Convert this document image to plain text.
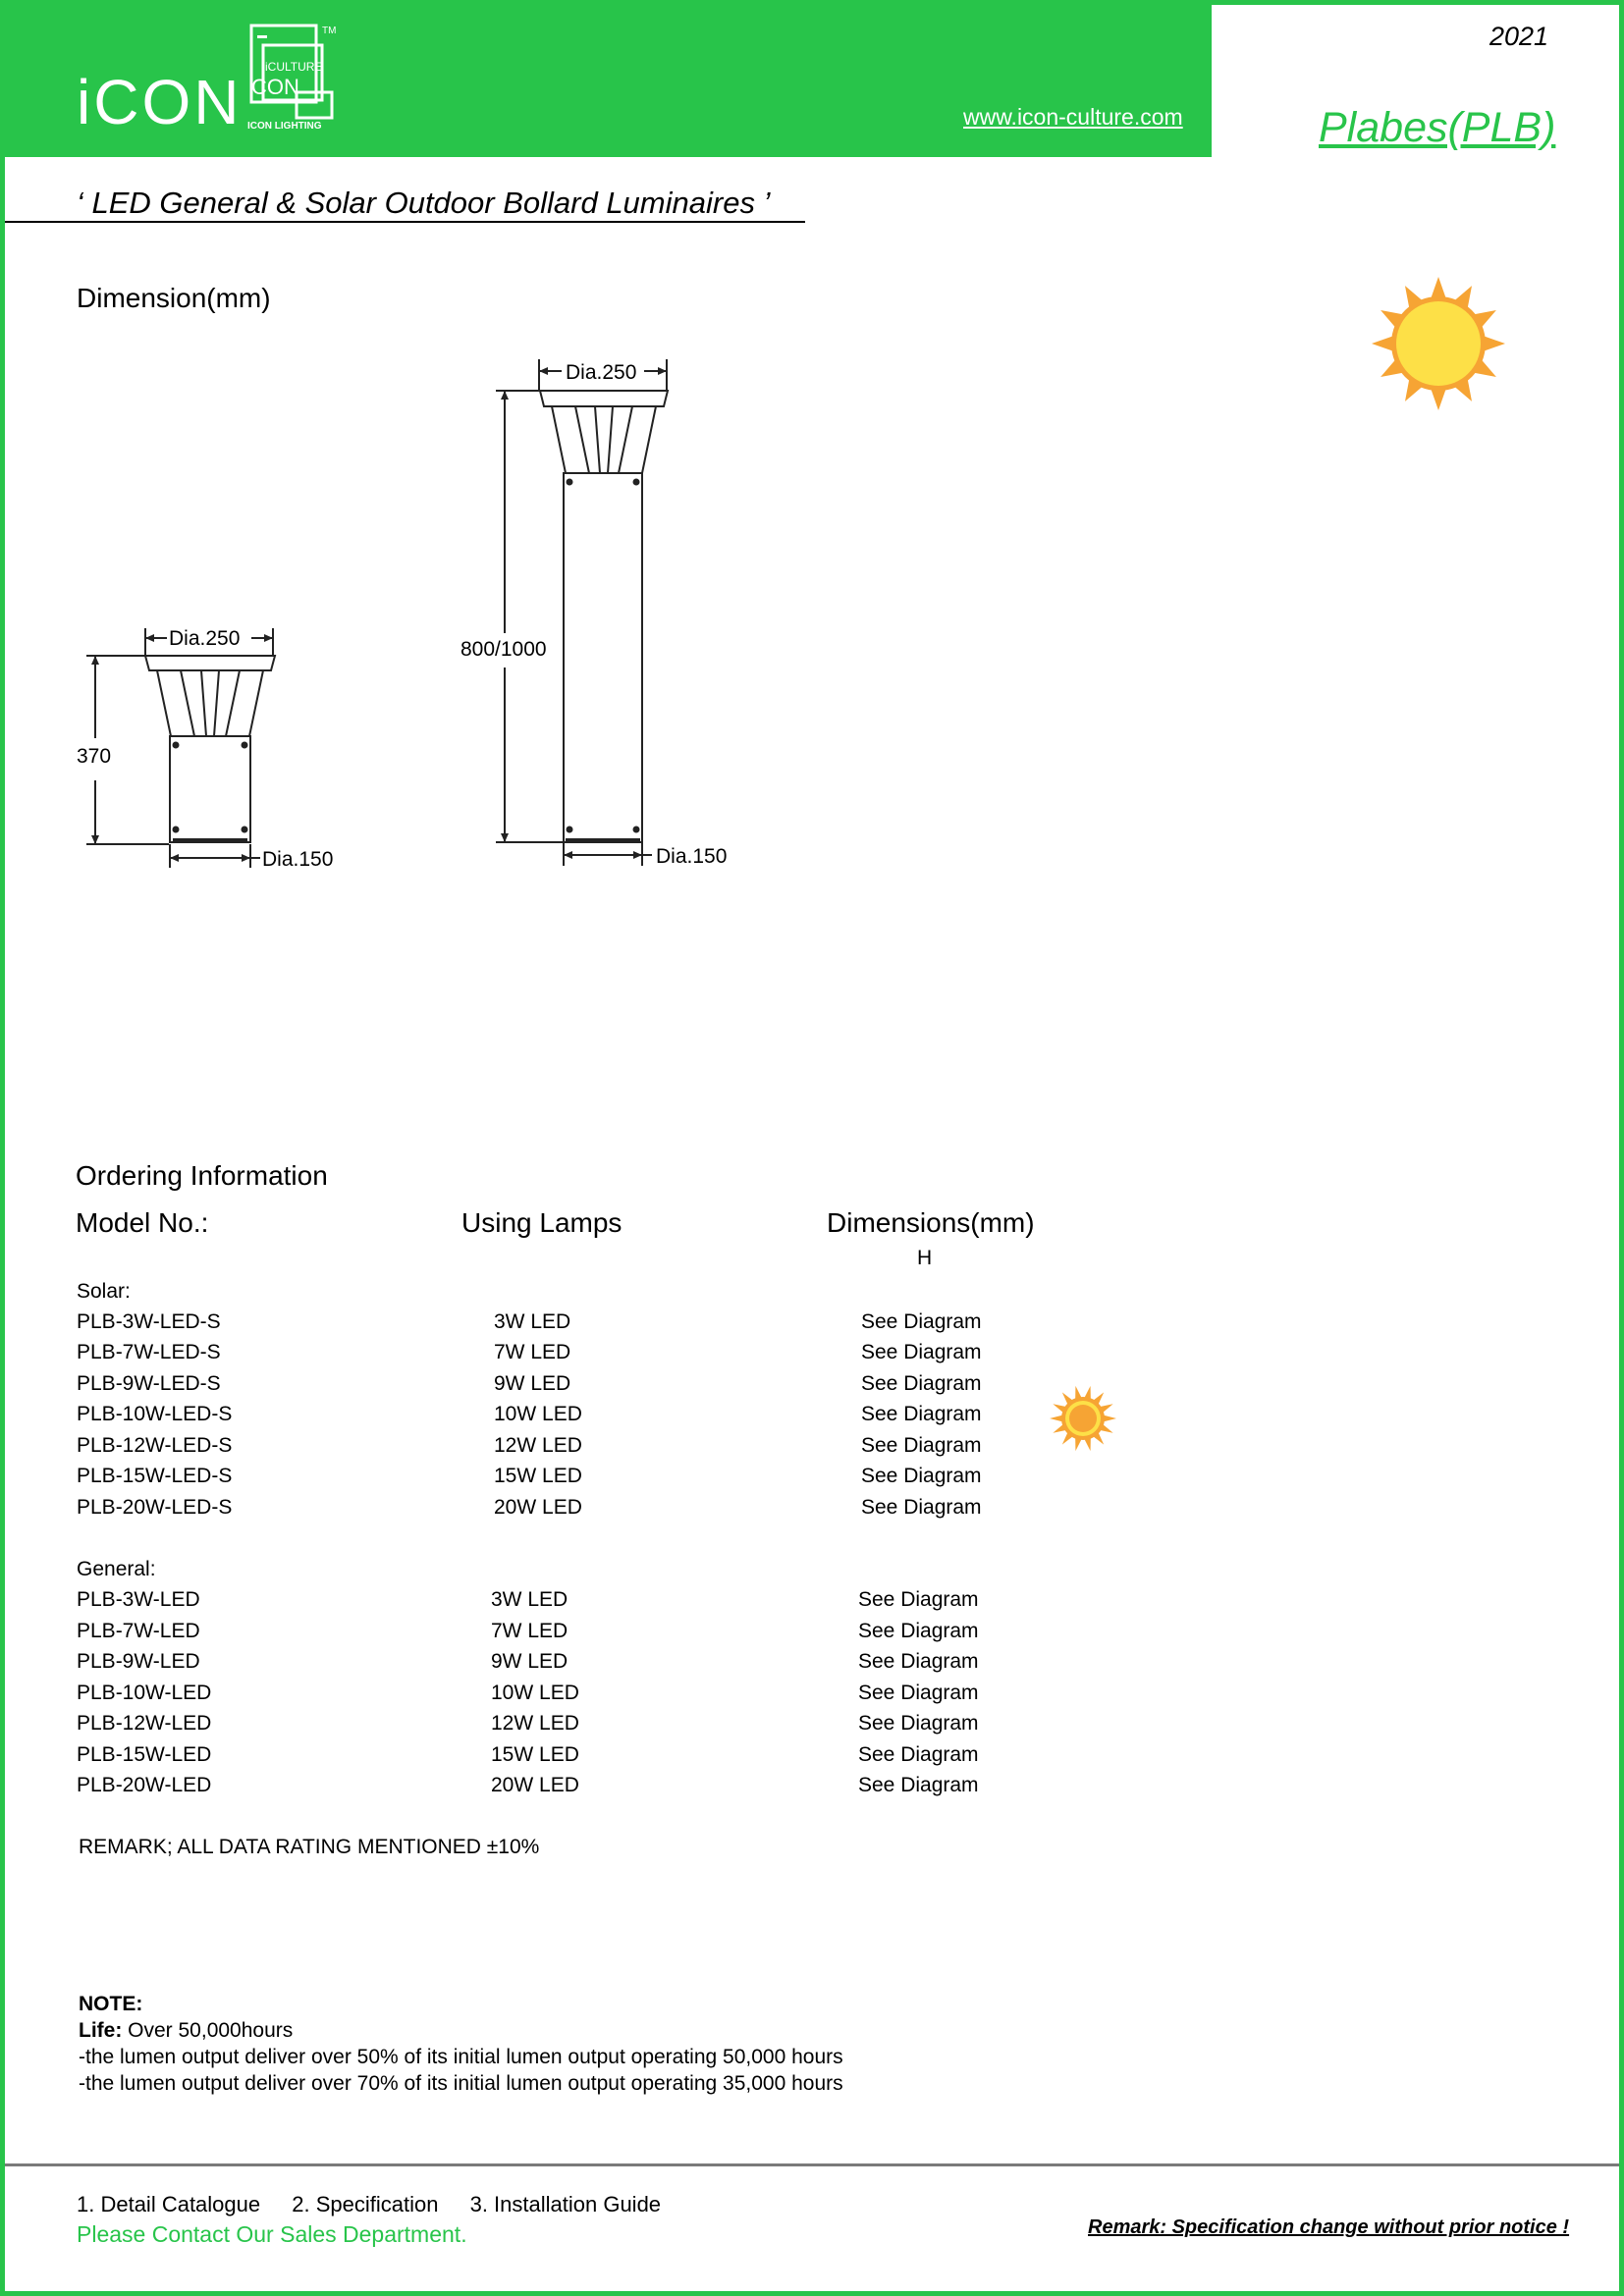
iCON iCULTURE
CON
ICON LIGHTING
TM
www.icon-culture.com
2021
Plabes(PLB)
‘ LED General & Solar Outdoor Bollard Luminaires ’
Dimension(mm)
Dia.250
370
Dia.150
Dia.250
800/1000
Dia.150
Ordering Information
Model No.:	Using Lamps	Dimensions(mm)
H
Solar:
PLB-3W-LED-S	3W LED	See Diagram
PLB-7W-LED-S	7W LED	See Diagram
PLB-9W-LED-S	9W LED	See Diagram
PLB-10W-LED-S	10W LED	See Diagram
PLB-12W-LED-S	12W LED	See Diagram
PLB-15W-LED-S	15W LED	See Diagram
PLB-20W-LED-S	20W LED	See Diagram
General:
PLB-3W-LED	3W LED	See Diagram
PLB-7W-LED	7W LED	See Diagram
PLB-9W-LED	9W LED	See Diagram
PLB-10W-LED	10W LED	See Diagram
PLB-12W-LED	12W LED	See Diagram
PLB-15W-LED	15W LED	See Diagram
PLB-20W-LED	20W LED	See Diagram
REMARK; ALL DATA RATING MENTIONED ±10%
NOTE:
Life: Over 50,000hours
-the lumen output deliver over 50% of its initial lumen output operating 50,000 hours
-the lumen output deliver over 70% of its initial lumen output operating 35,000 hours
1. Detail Catalogue 2. Specification 3. Installation Guide
Please Contact Our Sales Department.	Remark: Specification change without prior notice !
